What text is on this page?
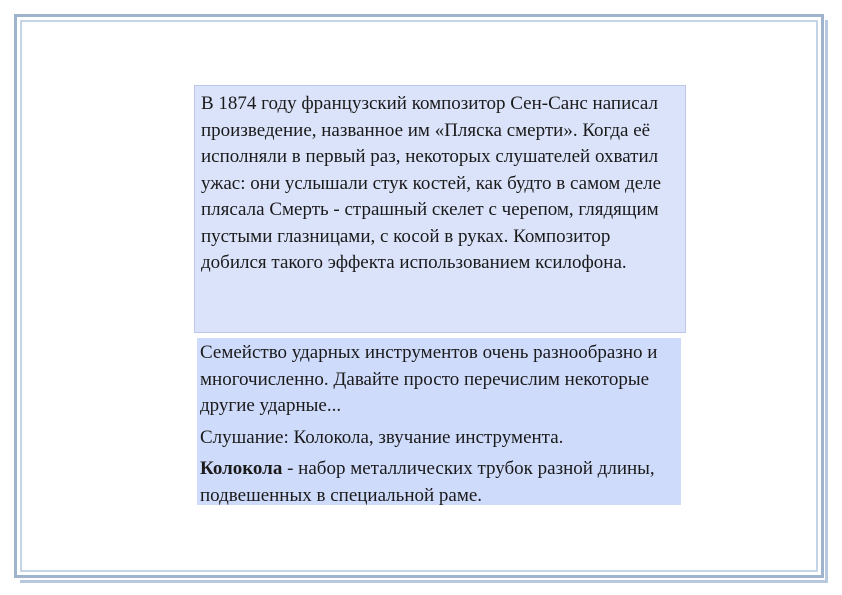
В 1874 году французский композитор Сен-Санс написал произведение, названное им «Пляска смерти». Когда её исполняли в первый раз, некоторых слушателей охватил ужас: они услышали стук костей, как будто в самом деле плясала Смерть - страшный скелет с черепом, глядящим пустыми глазницами, с косой в руках. Композитор добился такого эффекта использованием ксилофона.

Семейство ударных инструментов очень разнообразно и многочисленно. Давайте просто перечислим некоторые другие ударные...

Слушание: Колокола, звучание инструмента.

Колокола - набор металлических трубок разной длины, подвешенных в специальной раме.
